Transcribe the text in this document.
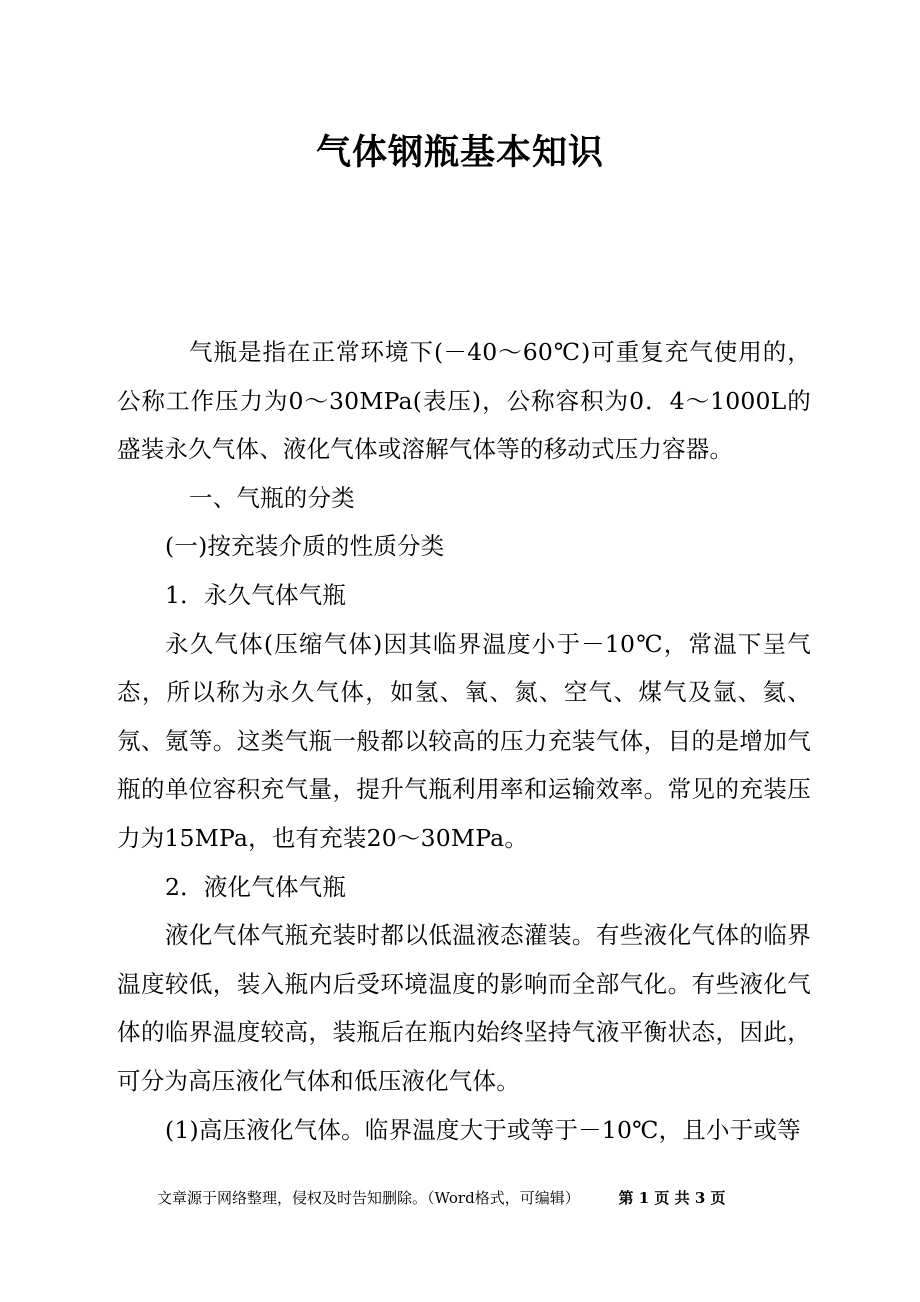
气体钢瓶基本知识

气瓶是指在正常环境下(－40～60℃)可重复充气使用的，公称工作压力为0～30MPa(表压)，公称容积为0．4～1000L的盛装永久气体、液化气体或溶解气体等的移动式压力容器。

一、气瓶的分类

(一)按充装介质的性质分类

1．永久气体气瓶

永久气体(压缩气体)因其临界温度小于－10℃，常温下呈气态，所以称为永久气体，如氢、氧、氮、空气、煤气及氩、氦、氖、氪等。这类气瓶一般都以较高的压力充装气体，目的是增加气瓶的单位容积充气量，提升气瓶利用率和运输效率。常见的充装压力为15MPa，也有充装20～30MPa。

2．液化气体气瓶

液化气体气瓶充装时都以低温液态灌装。有些液化气体的临界温度较低，装入瓶内后受环境温度的影响而全部气化。有些液化气体的临界温度较高，装瓶后在瓶内始终坚持气液平衡状态，因此，可分为高压液化气体和低压液化气体。

(1)高压液化气体。临界温度大于或等于－10℃，且小于或等

文章源于网络整理，侵权及时告知删除。（Word格式，可编辑）	第 1 页 共 3 页
